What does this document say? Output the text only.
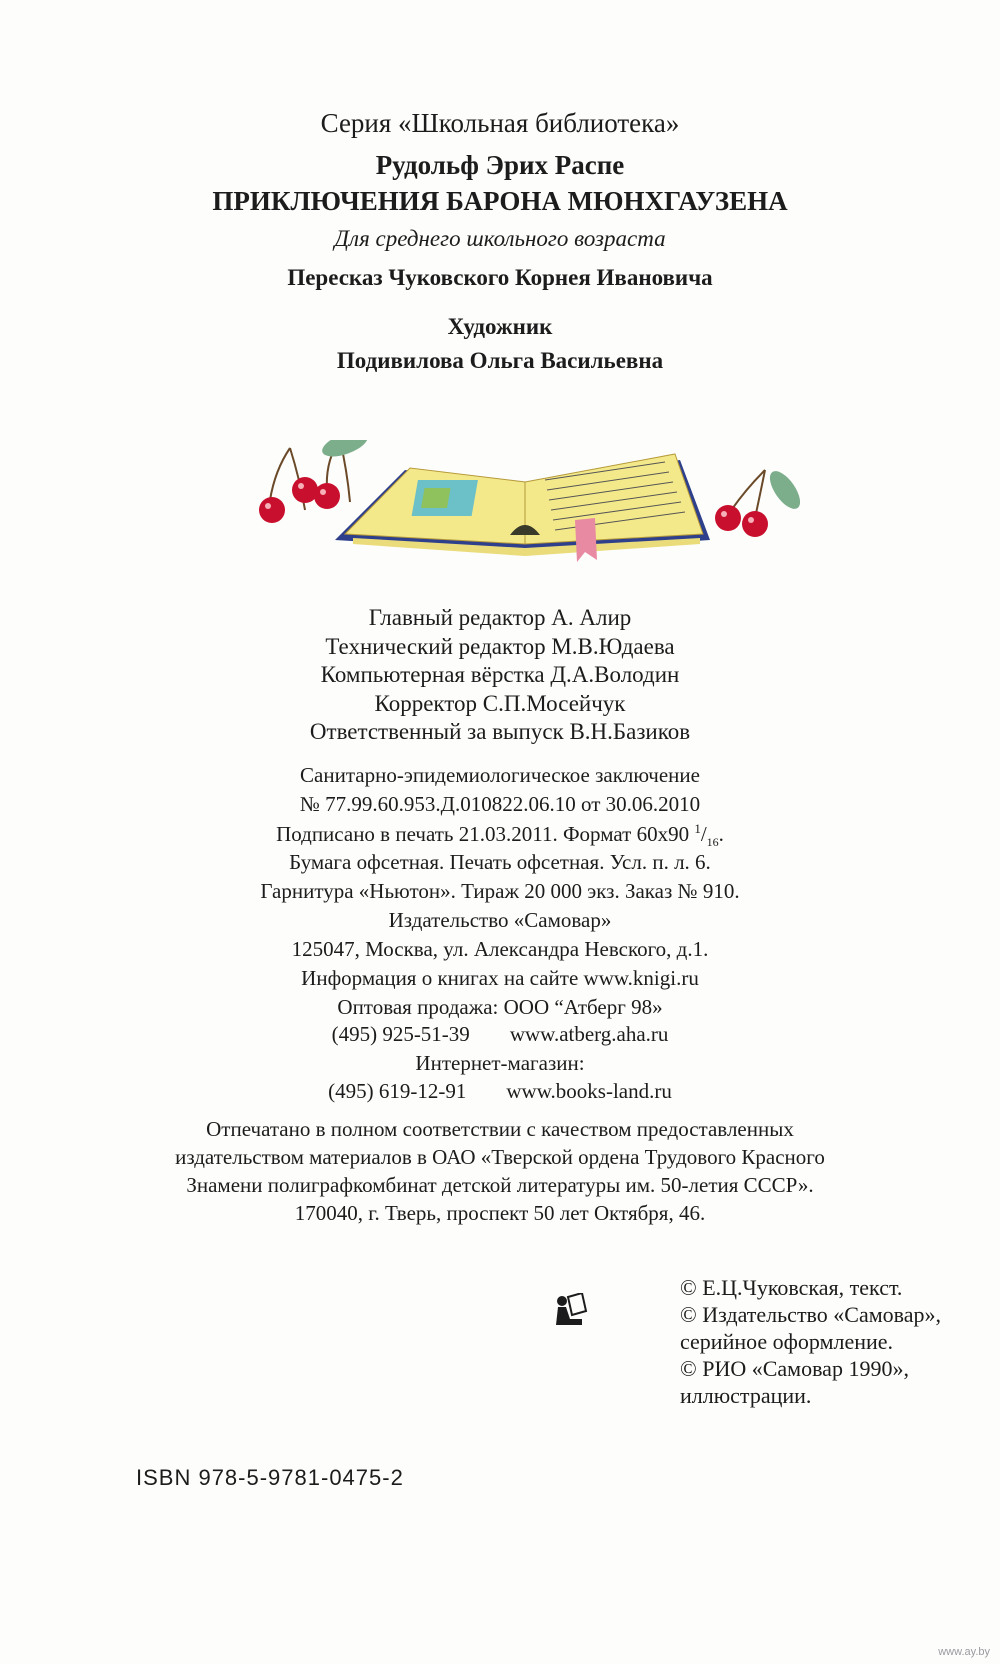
Серия «Школьная библиотека»
Рудольф Эрих Распе
ПРИКЛЮЧЕНИЯ БАРОНА МЮНХГАУЗЕНА
Для среднего школьного возраста
Пересказ Чуковского Корнея Ивановича
Художник
Подивилова Ольга Васильевна
Главный редактор А. Алир
Технический редактор М.В.Юдаева
Компьютерная вёрстка Д.А.Володин
Корректор С.П.Мосейчук
Ответственный за выпуск В.Н.Базиков
Санитарно-эпидемиологическое заключение
№ 77.99.60.953.Д.010822.06.10 от 30.06.2010
Подписано в печать 21.03.2011. Формат 60х90 $^1/_{16}$.
Бумага офсетная. Печать офсетная. Усл. п. л. 6.
Гарнитура «Ньютон». Тираж 20 000 экз. Заказ № 910.
Издательство «Самовар»
125047, Москва, ул. Александра Невского, д.1.
Информация о книгах на сайте www.knigi.ru
Оптовая продажа: ООО “Атберг 98»
(495) 925-51-39 www.atberg.aha.ru
Интернет-магазин:
(495) 619-12-91 www.books-land.ru
Отпечатано в полном соответствии с качеством предоставленных
издательством материалов в ОАО «Тверской ордена Трудового Красного
Знамени полиграфкомбинат детской литературы им. 50-летия СССР».
170040, г. Тверь, проспект 50 лет Октября, 46.
© Е.Ц.Чуковская, текст.
© Издательство «Самовар»,
серийное оформление.
© РИО «Самовар 1990»,
иллюстрации.
ISBN 978-5-9781-0475-2
www.ay.by
